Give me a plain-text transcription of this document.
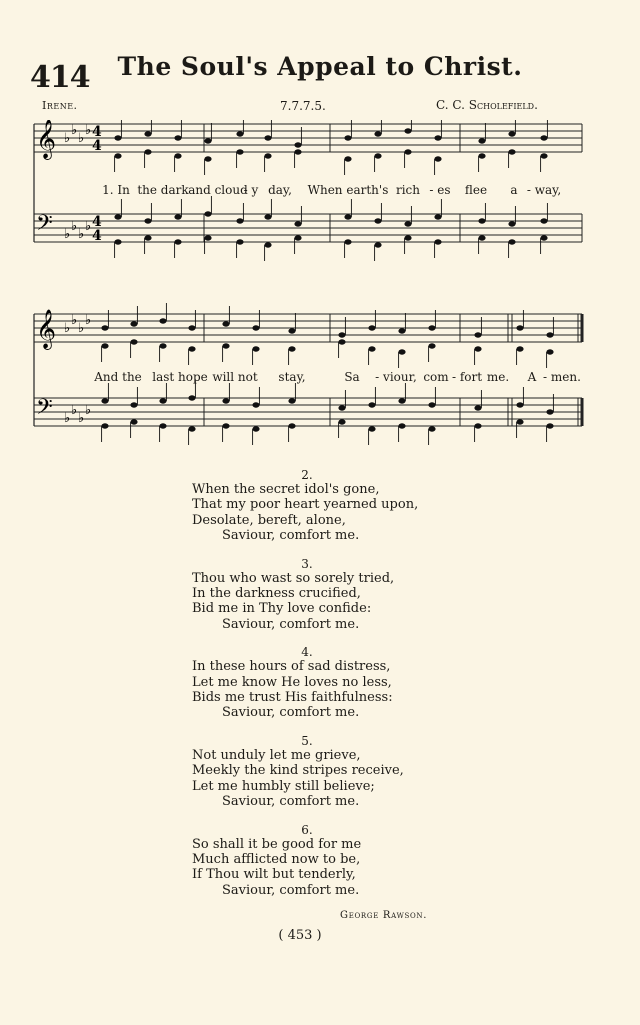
The Soul's Appeal to Christ.
414
Irene.	7.7.7.5.	C. C. Scholefield.
𝄞
𝄢
♭
♭
♭
♭
♭
♭
♭
♭
4
4
4
4
1. In the dark and cloud
- y day, When earth's rich - es flee a - way,
𝄞
𝄢
♭
♭
♭
♭
♭
♭
♭
♭
And the last hope will not stay,	Sa - viour, com - fort me. A - men.
2.
When the secret idol's gone,
That my poor heart yearned upon,
Desolate, bereft, alone,
Saviour, comfort me.
3.
Thou who wast so sorely tried,
In the darkness crucified,
Bid me in Thy love confide:
Saviour, comfort me.
4.
In these hours of sad distress,
Let me know He loves no less,
Bids me trust His faithfulness:
Saviour, comfort me.
5.
Not unduly let me grieve,
Meekly the kind stripes receive,
Let me humbly still believe;
Saviour, comfort me.
6.
So shall it be good for me
Much afflicted now to be,
If Thou wilt but tenderly,
Saviour, comfort me.
George Rawson.
( 453 )
